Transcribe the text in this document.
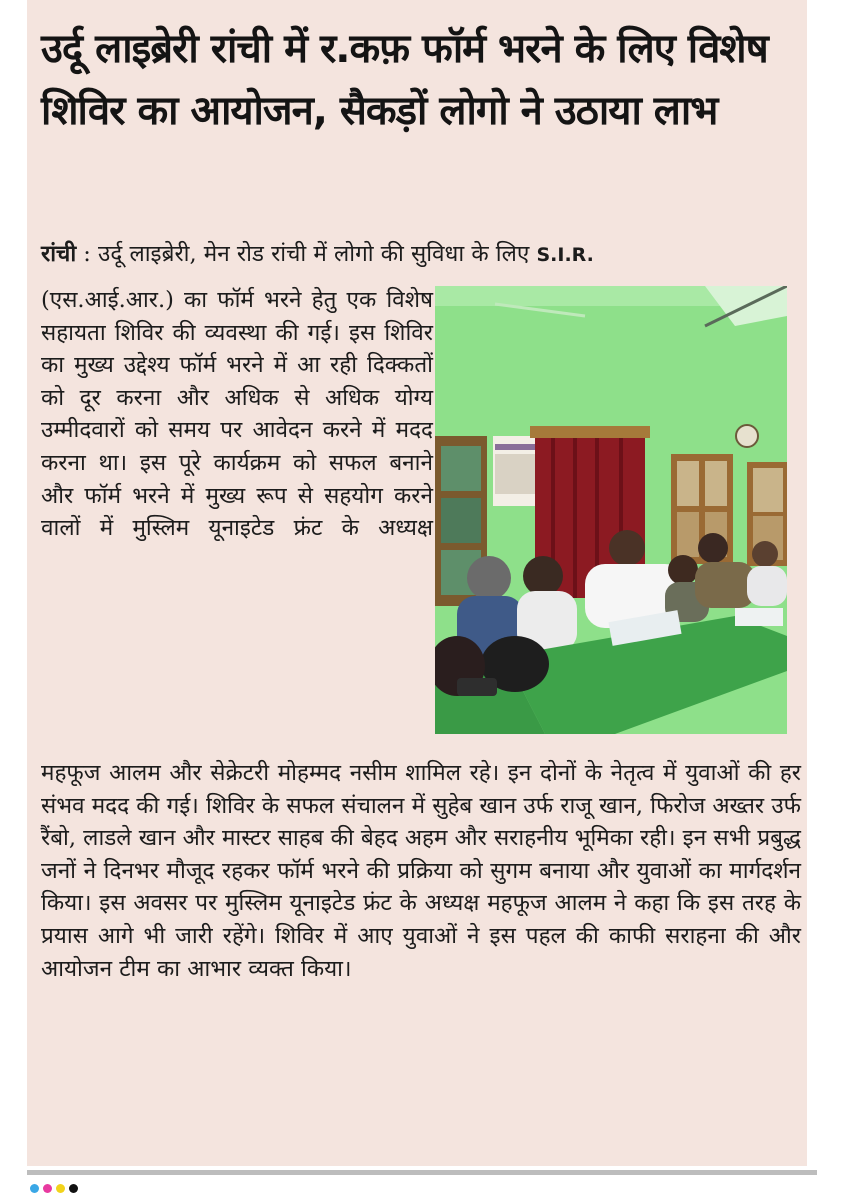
उर्दू लाइब्रेरी रांची में र.कफ़ फॉर्म भरने के लिए विशेष शिविर का आयोजन, सैकड़ों लोगो ने उठाया लाभ

रांची : उर्दू लाइब्रेरी, मेन रोड रांची में लोगो की सुविधा के लिए S.I.R.

(एस.आई.आर.) का फॉर्म भरने हेतु एक विशेष सहायता शिविर की व्यवस्था की गई। इस शिविर का मुख्य उद्देश्य फॉर्म भरने में आ रही दिक्कतों को दूर करना और अधिक से अधिक योग्य उम्मीदवारों को समय पर आवेदन करने में मदद करना था। इस पूरे कार्यक्रम को सफल बनाने और फॉर्म भरने में मुख्य रूप से सहयोग करने वालों में मुस्लिम यूनाइटेड फ्रंट के अध्यक्ष

महफूज आलम और सेक्रेटरी मोहम्मद नसीम शामिल रहे। इन दोनों के नेतृत्व में युवाओं की हर संभव मदद की गई। शिविर के सफल संचालन में सुहेब खान उर्फ राजू खान, फिरोज अख्तर उर्फ रैंबो, लाडले खान और मास्टर साहब की बेहद अहम और सराहनीय भूमिका रही। इन सभी प्रबुद्ध जनों ने दिनभर मौजूद रहकर फॉर्म भरने की प्रक्रिया को सुगम बनाया और युवाओं का मार्गदर्शन किया। इस अवसर पर मुस्लिम यूनाइटेड फ्रंट के अध्यक्ष महफूज आलम ने कहा कि इस तरह के प्रयास आगे भी जारी रहेंगे। शिविर में आए युवाओं ने इस पहल की काफी सराहना की और आयोजन टीम का आभार व्यक्त किया।
